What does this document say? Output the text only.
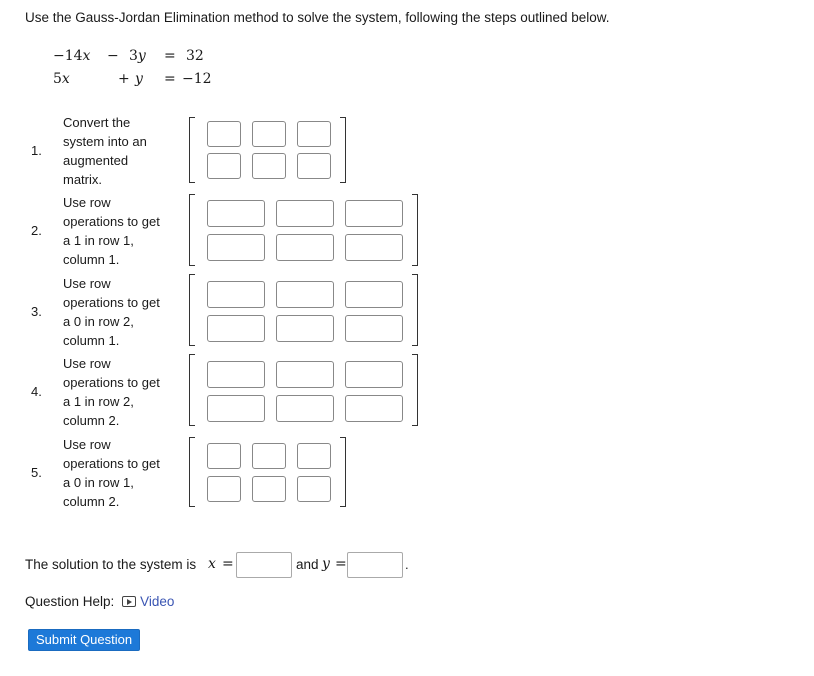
Use the Gauss-Jordan Elimination method to solve the system, following the steps outlined below.
−14x − 3y = 32
5x	+ y = −12
1.
Convert the
system into an
augmented
matrix.
2.
Use row
operations to get
a 1 in row 1,
column 1.
3.
Use row
operations to get
a 0 in row 2,
column 1.
4.
Use row
operations to get
a 1 in row 2,
column 2.
5.
Use row
operations to get
a 0 in row 1,
column 2.
The solution to the system is x =	and y =	.
Question Help: Video
Submit Question
